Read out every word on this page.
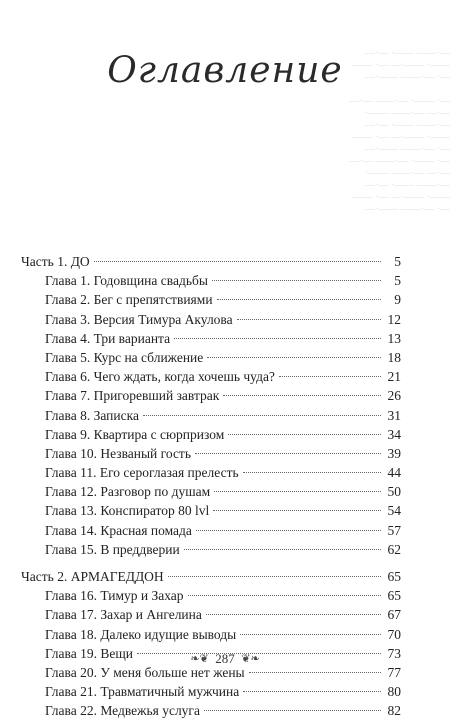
—·— ·—— ——·—
—— ·— —·—— ·——
—·—— ——·— ·—

—·— ——·— ·—— ·—
·—— ——·— —·—
—·— ·—— ——·—
—— ·— —·—— ·——
—·—— ——·— ·—
—·— ——·— ·—— ·—
·—— ——·— —·—
—·— ·—— ——·—
—— ·— —·—— ·——
—·—— ——·— ·—
Оглавление
Часть 1. ДО	5
Глава 1. Годовщина свадьбы	5
Глава 2. Бег с препятствиями	9
Глава 3. Версия Тимура Акулова	12
Глава 4. Три варианта	13
Глава 5. Курс на сближение	18
Глава 6. Чего ждать, когда хочешь чуда?	21
Глава 7. Пригоревший завтрак	26
Глава 8. Записка	31
Глава 9. Квартира с сюрпризом	34
Глава 10. Незваный гость	39
Глава 11. Его сероглазая прелесть	44
Глава 12. Разговор по душам	50
Глава 13. Конспиратор 80 lvl	54
Глава 14. Красная помада	57
Глава 15. В преддверии	62
Часть 2. АРМАГЕДДОН	65
Глава 16. Тимур и Захар	65
Глава 17. Захар и Ангелина	67
Глава 18. Далеко идущие выводы	70
Глава 19. Вещи	73
Глава 20. У меня больше нет жены	77
Глава 21. Травматичный мужчина	80
Глава 22. Медвежья услуга	82
❧❦ 287 ❦❧
